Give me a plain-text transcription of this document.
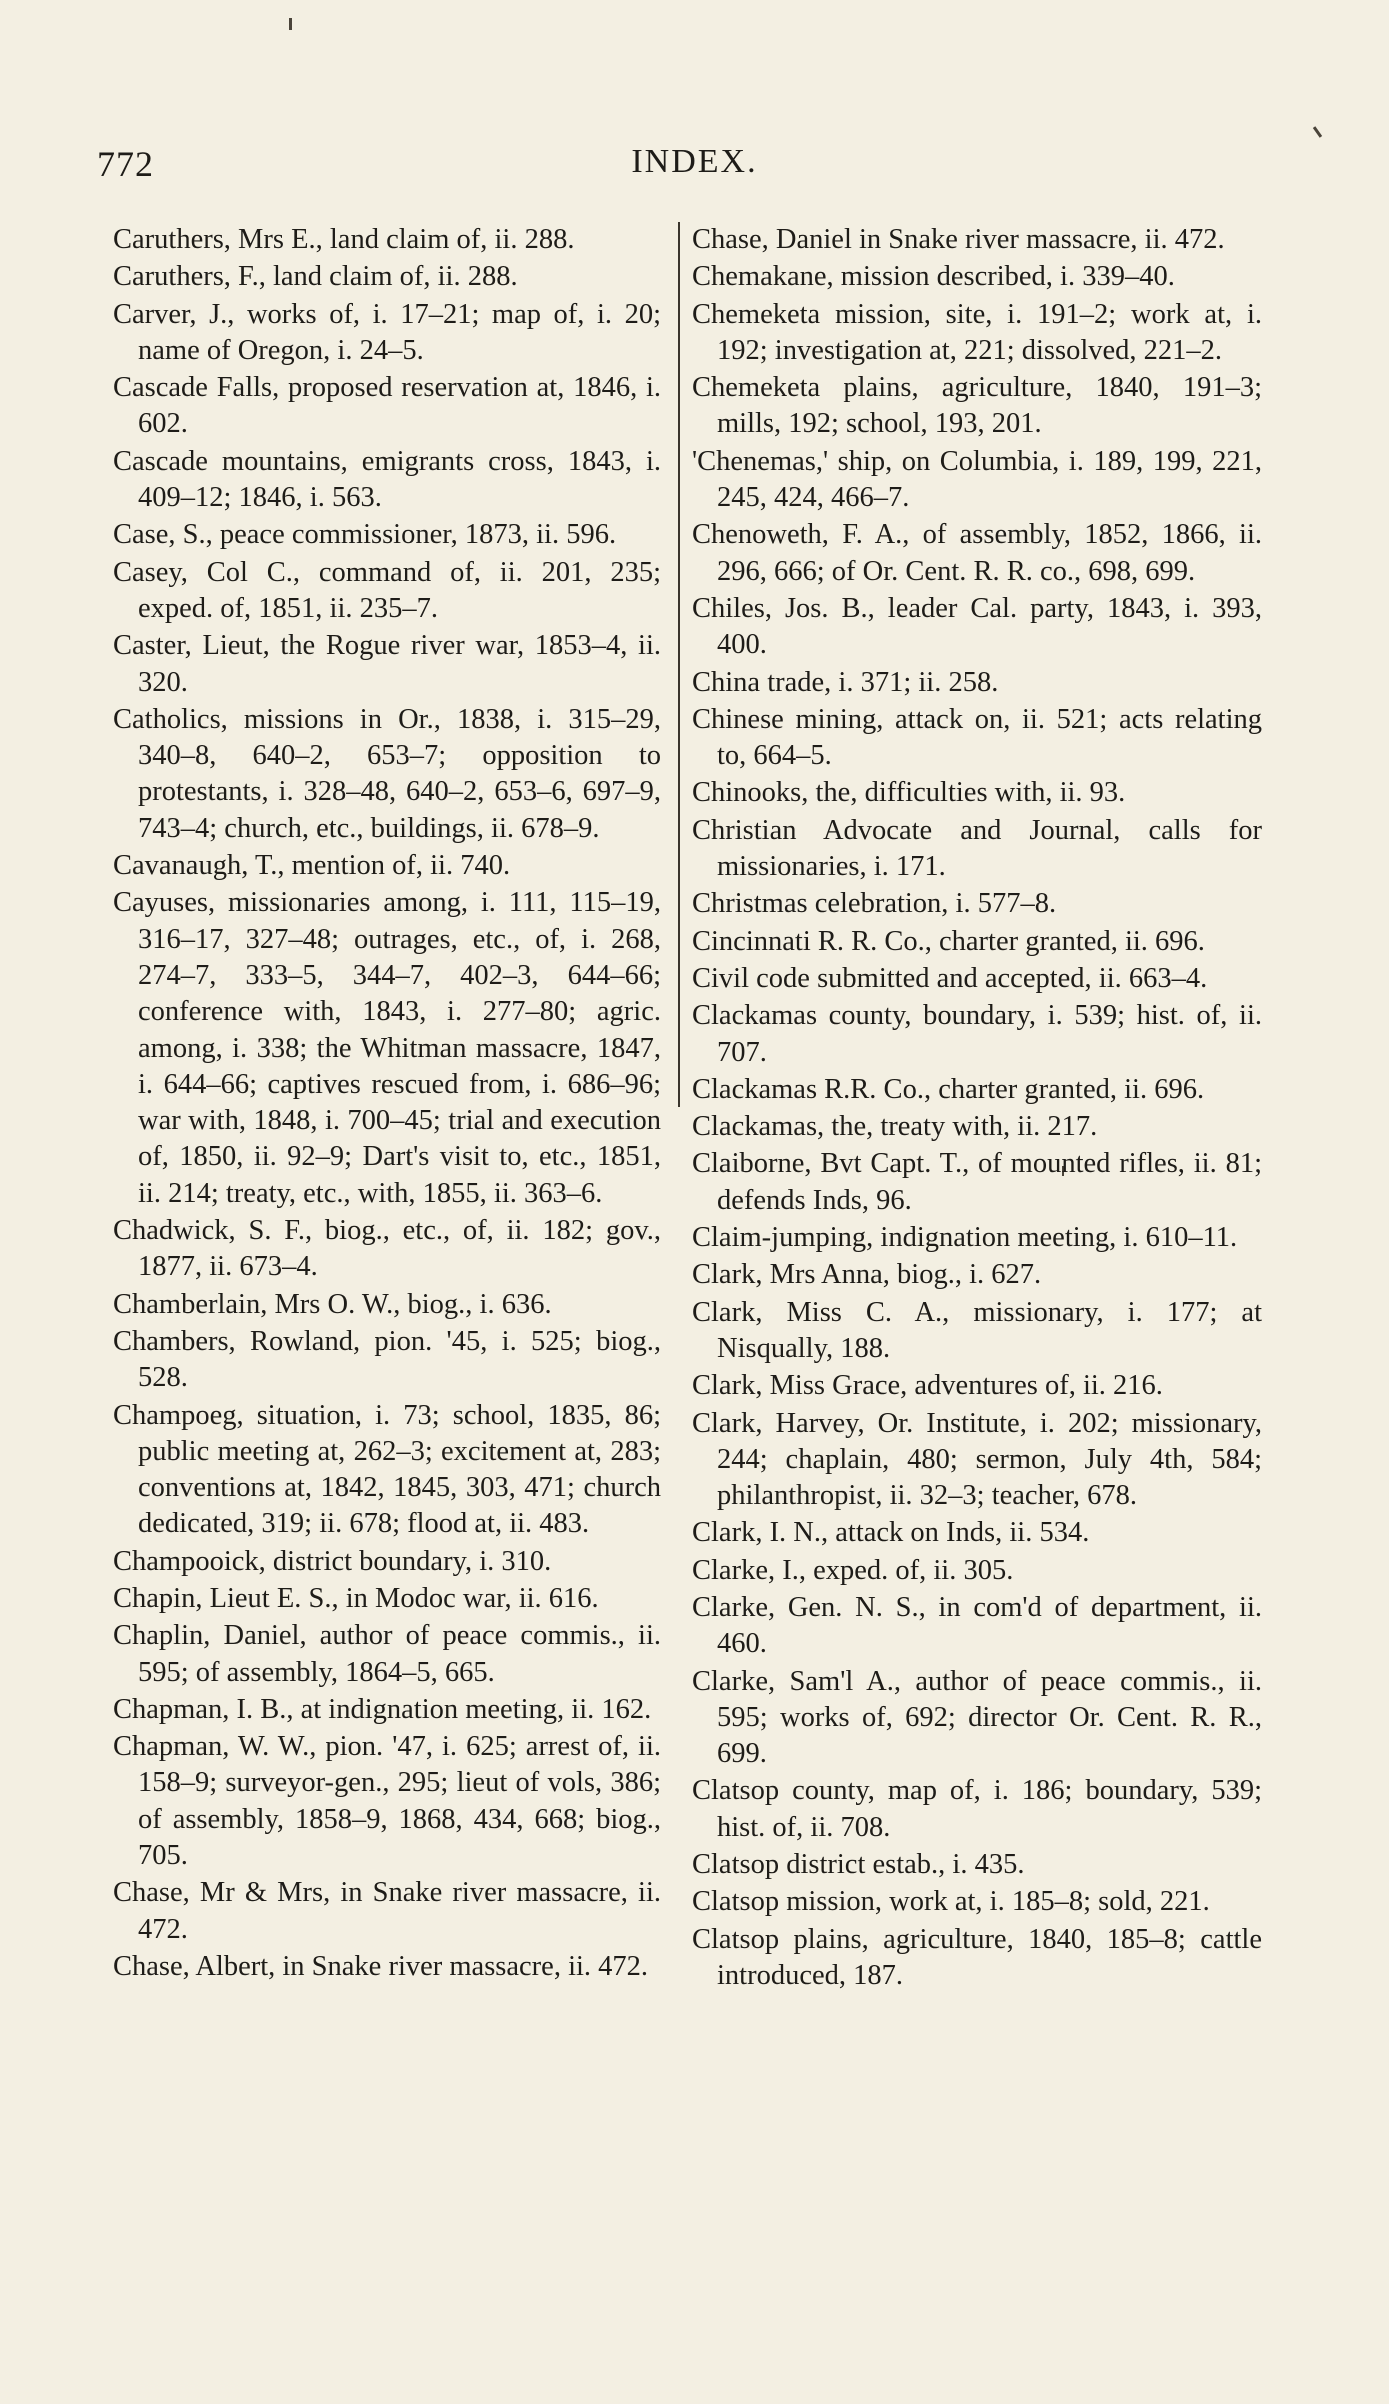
772	INDEX.

Caruthers, Mrs E., land claim of, ii. 288.

Caruthers, F., land claim of, ii. 288.

Carver, J., works of, i. 17–21; map of, i. 20; name of Oregon, i. 24–5.

Cascade Falls, proposed reservation at, 1846, i. 602.

Cascade mountains, emigrants cross, 1843, i. 409–12; 1846, i. 563.

Case, S., peace commissioner, 1873, ii. 596.

Casey, Col C., command of, ii. 201, 235; exped. of, 1851, ii. 235–7.

Caster, Lieut, the Rogue river war, 1853–4, ii. 320.

Catholics, missions in Or., 1838, i. 315–29, 340–8, 640–2, 653–7; opposition to protestants, i. 328–48, 640–2, 653–6, 697–9, 743–4; church, etc., buildings, ii. 678–9.

Cavanaugh, T., mention of, ii. 740.

Cayuses, missionaries among, i. 111, 115–19, 316–17, 327–48; outrages, etc., of, i. 268, 274–7, 333–5, 344–7, 402–3, 644–66; conference with, 1843, i. 277–80; agric. among, i. 338; the Whitman massacre, 1847, i. 644–66; captives rescued from, i. 686–96; war with, 1848, i. 700–45; trial and execution of, 1850, ii. 92–9; Dart's visit to, etc., 1851, ii. 214; treaty, etc., with, 1855, ii. 363–6.

Chadwick, S. F., biog., etc., of, ii. 182; gov., 1877, ii. 673–4.

Chamberlain, Mrs O. W., biog., i. 636.

Chambers, Rowland, pion. '45, i. 525; biog., 528.

Champoeg, situation, i. 73; school, 1835, 86; public meeting at, 262–3; excitement at, 283; conventions at, 1842, 1845, 303, 471; church dedicated, 319; ii. 678; flood at, ii. 483.

Champooick, district boundary, i. 310.

Chapin, Lieut E. S., in Modoc war, ii. 616.

Chaplin, Daniel, author of peace commis., ii. 595; of assembly, 1864–5, 665.

Chapman, I. B., at indignation meeting, ii. 162.

Chapman, W. W., pion. '47, i. 625; arrest of, ii. 158–9; surveyor-gen., 295; lieut of vols, 386; of assembly, 1858–9, 1868, 434, 668; biog., 705.

Chase, Mr & Mrs, in Snake river massacre, ii. 472.

Chase, Albert, in Snake river massacre, ii. 472.

Chase, Daniel in Snake river massacre, ii. 472.

Chemakane, mission described, i. 339–40.

Chemeketa mission, site, i. 191–2; work at, i. 192; investigation at, 221; dissolved, 221–2.

Chemeketa plains, agriculture, 1840, 191–3; mills, 192; school, 193, 201.

'Chenemas,' ship, on Columbia, i. 189, 199, 221, 245, 424, 466–7.

Chenoweth, F. A., of assembly, 1852, 1866, ii. 296, 666; of Or. Cent. R. R. co., 698, 699.

Chiles, Jos. B., leader Cal. party, 1843, i. 393, 400.

China trade, i. 371; ii. 258.

Chinese mining, attack on, ii. 521; acts relating to, 664–5.

Chinooks, the, difficulties with, ii. 93.

Christian Advocate and Journal, calls for missionaries, i. 171.

Christmas celebration, i. 577–8.

Cincinnati R. R. Co., charter granted, ii. 696.

Civil code submitted and accepted, ii. 663–4.

Clackamas county, boundary, i. 539; hist. of, ii. 707.

Clackamas R.R. Co., charter granted, ii. 696.

Clackamas, the, treaty with, ii. 217.

Claiborne, Bvt Capt. T., of mounted rifles, ii. 81; defends Inds, 96.

Claim-jumping, indignation meeting, i. 610–11.

Clark, Mrs Anna, biog., i. 627.

Clark, Miss C. A., missionary, i. 177; at Nisqually, 188.

Clark, Miss Grace, adventures of, ii. 216.

Clark, Harvey, Or. Institute, i. 202; missionary, 244; chaplain, 480; sermon, July 4th, 584; philanthropist, ii. 32–3; teacher, 678.

Clark, I. N., attack on Inds, ii. 534.

Clarke, I., exped. of, ii. 305.

Clarke, Gen. N. S., in com'd of department, ii. 460.

Clarke, Sam'l A., author of peace commis., ii. 595; works of, 692; director Or. Cent. R. R., 699.

Clatsop county, map of, i. 186; boundary, 539; hist. of, ii. 708.

Clatsop district estab., i. 435.

Clatsop mission, work at, i. 185–8; sold, 221.

Clatsop plains, agriculture, 1840, 185–8; cattle introduced, 187.
